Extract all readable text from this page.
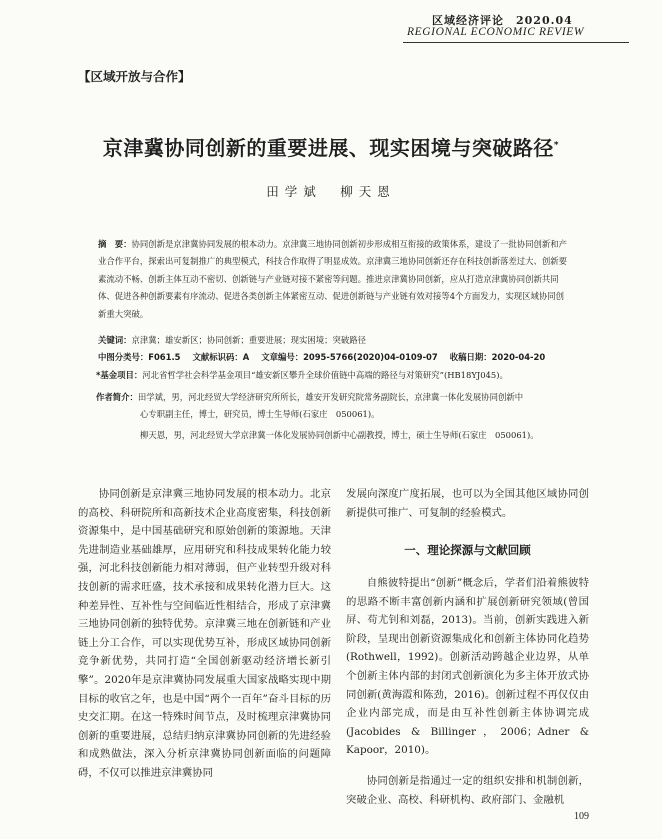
区域经济评论　2020.04
REGIONAL ECONOMIC REVIEW
【区域开放与合作】
京津冀协同创新的重要进展、现实困境与突破路径*
田学斌　柳天恩
摘　要：协同创新是京津冀协同发展的根本动力。京津冀三地协同创新初步形成相互衔接的政策体系，建设了一批协同创新和产业合作平台，探索出可复制推广的典型模式，科技合作取得了明显成效。京津冀三地协同创新还存在科技创新落差过大、创新要素流动不畅、创新主体互动不密切、创新链与产业链对接不紧密等问题。推进京津冀协同创新，应从打造京津冀协同创新共同体、促进各种创新要素有序流动、促进各类创新主体紧密互动、促进创新链与产业链有效对接等4个方面发力，实现区域协同创新重大突破。
关键词：京津冀；雄安新区；协同创新；重要进展；现实困境；突破路径
中图分类号：F061.5 文献标识码：A 文章编号：2095-5766(2020)04-0109-07 收稿日期：2020-04-20
*基金项目：河北省哲学社会科学基金项目“雄安新区攀升全球价值链中高端的路径与对策研究”(HB18YJ045)。
作者简介：田学斌，男，河北经贸大学经济研究所所长，雄安开发研究院常务副院长，京津冀一体化发展协同创新中
心专职副主任，博士，研究员，博士生导师(石家庄　050061)。
柳天恩，男，河北经贸大学京津冀一体化发展协同创新中心副教授，博士，硕士生导师(石家庄　050061)。

协同创新是京津冀三地协同发展的根本动力。北京的高校、科研院所和高新技术企业高度密集，科技创新资源集中，是中国基础研究和原始创新的策源地。天津先进制造业基础雄厚，应用研究和科技成果转化能力较强，河北科技创新能力相对薄弱，但产业转型升级对科技创新的需求旺盛，技术承接和成果转化潜力巨大。这种差异性、互补性与空间临近性相结合，形成了京津冀三地协同创新的独特优势。京津冀三地在创新链和产业链上分工合作，可以实现优势互补，形成区域协同创新竞争新优势，共同打造“全国创新驱动经济增长新引擎”。2020年是京津冀协同发展重大国家战略实现中期目标的收官之年，也是中国“两个一百年”奋斗目标的历史交汇期。在这一特殊时间节点，及时梳理京津冀协同创新的重要进展，总结归纳京津冀协同创新的先进经验和成熟做法，深入分析京津冀协同创新面临的问题障碍，不仅可以推进京津冀协同

发展向深度广度拓展，也可以为全国其他区域协同创新提供可推广、可复制的经验模式。

一、理论探源与文献回顾

自熊彼特提出“创新”概念后，学者们沿着熊彼特的思路不断丰富创新内涵和扩展创新研究领域(曾国屏、苟尤钊和刘磊，2013)。当前，创新实践进入新阶段，呈现出创新资源集成化和创新主体协同化趋势(Rothwell，1992)。创新活动跨越企业边界，从单个创新主体内部的封闭式创新演化为多主体开放式协同创新(黄海霞和陈劲，2016)。创新过程不再仅仅由企业内部完成，而是由互补性创新主体协调完成(Jacobides & Billinger，2006；Adner & Kapoor，2010)。

协同创新是指通过一定的组织安排和机制创新，突破企业、高校、科研机构、政府部门、金融机

109
